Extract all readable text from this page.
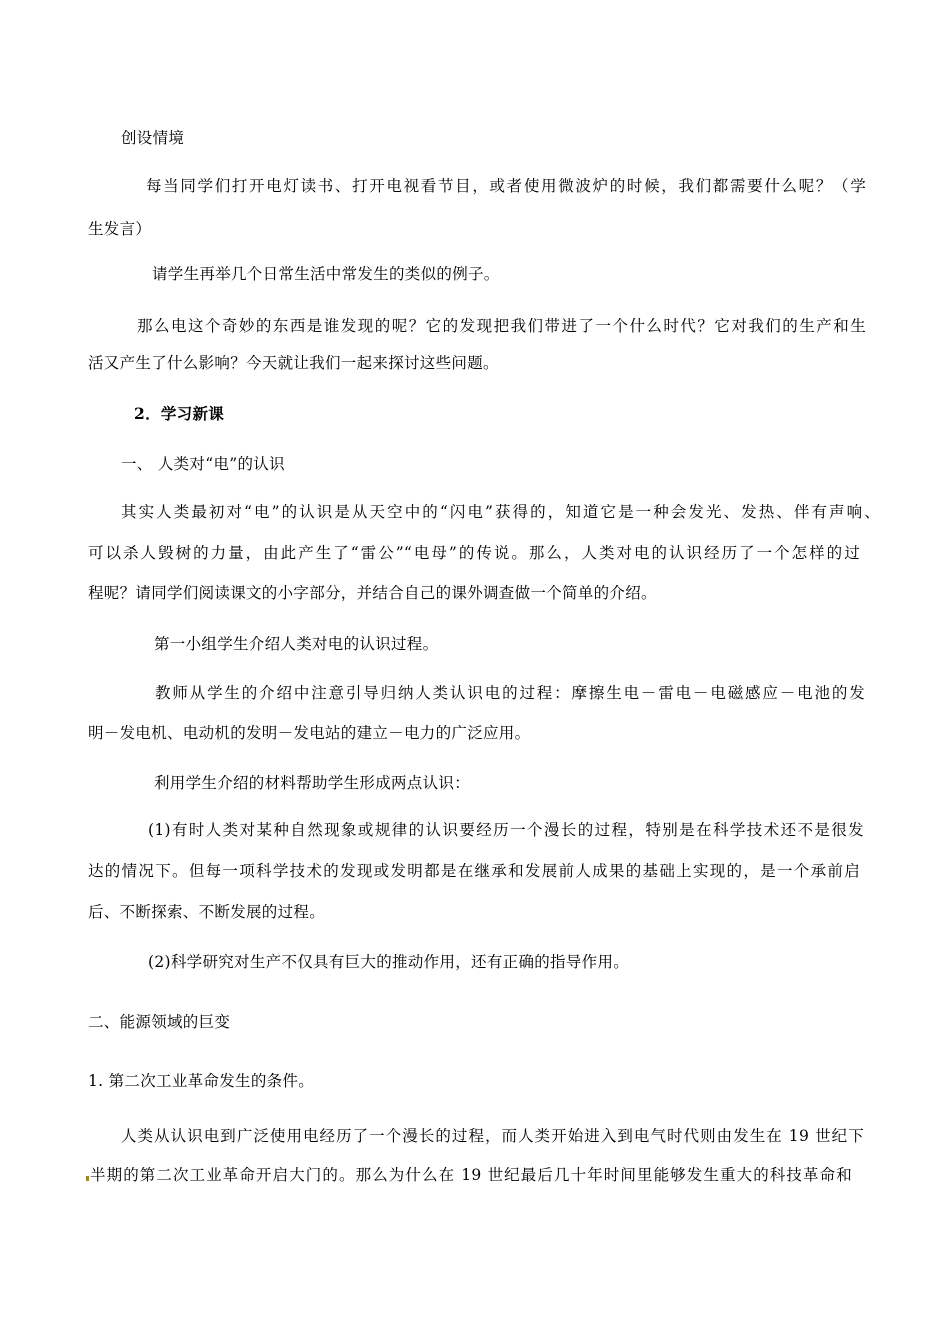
创设情境
每当同学们打开电灯读书、打开电视看节目，或者使用微波炉的时候，我们都需要什么呢？（学
生发言）
请学生再举几个日常生活中常发生的类似的例子。
那么电这个奇妙的东西是谁发现的呢？它的发现把我们带进了一个什么时代？它对我们的生产和生
活又产生了什么影响？今天就让我们一起来探讨这些问题。
2．学习新课
一、 人类对“电”的认识
其实人类最初对“电”的认识是从天空中的“闪电”获得的，知道它是一种会发光、发热、伴有声响、
可以杀人毁树的力量，由此产生了“雷公”“电母”的传说。那么，人类对电的认识经历了一个怎样的过
程呢？请同学们阅读课文的小字部分，并结合自己的课外调查做一个简单的介绍。
第一小组学生介绍人类对电的认识过程。
教师从学生的介绍中注意引导归纳人类认识电的过程：摩擦生电－雷电－电磁感应－电池的发
明－发电机、电动机的发明－发电站的建立－电力的广泛应用。
利用学生介绍的材料帮助学生形成两点认识：
(1)有时人类对某种自然现象或规律的认识要经历一个漫长的过程，特别是在科学技术还不是很发
达的情况下。但每一项科学技术的发现或发明都是在继承和发展前人成果的基础上实现的，是一个承前启
后、不断探索、不断发展的过程。
(2)科学研究对生产不仅具有巨大的推动作用，还有正确的指导作用。
二、能源领域的巨变
1. 第二次工业革命发生的条件。
人类从认识电到广泛使用电经历了一个漫长的过程，而人类开始进入到电气时代则由发生在 19 世纪下
半期的第二次工业革命开启大门的。那么为什么在 19 世纪最后几十年时间里能够发生重大的科技革命和
